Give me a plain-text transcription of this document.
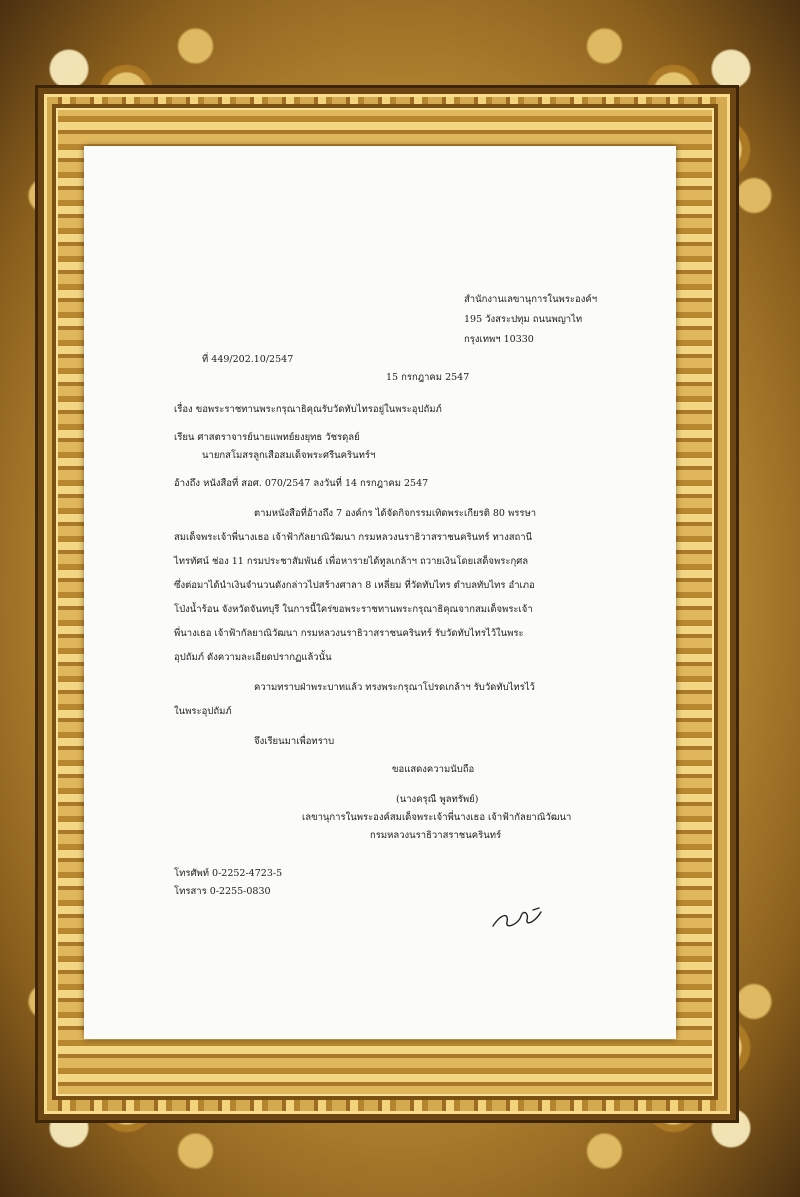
สำนักงานเลขานุการในพระองค์ฯ
195 วังสระปทุม ถนนพญาไท
กรุงเทพฯ 10330
ที่ 449/202.10/2547
15 กรกฎาคม 2547
เรื่อง ขอพระราชทานพระกรุณาธิคุณรับวัดทับไทรอยู่ในพระอุปถัมภ์
เรียน ศาสตราจารย์นายแพทย์ยงยุทธ วัชรดุลย์
นายกสโมสรลูกเสือสมเด็จพระศรีนครินทร์ฯ
อ้างถึง หนังสือที่ สอศ. 070/2547 ลงวันที่ 14 กรกฎาคม 2547
ตามหนังสือที่อ้างถึง 7 องค์กร ได้จัดกิจกรรมเทิดพระเกียรติ 80 พรรษา
สมเด็จพระเจ้าพี่นางเธอ เจ้าฟ้ากัลยาณิวัฒนา กรมหลวงนราธิวาสราชนครินทร์ ทางสถานี
ไทรทัศน์ ช่อง 11 กรมประชาสัมพันธ์ เพื่อหารายได้ทูลเกล้าฯ ถวายเงินโดยเสด็จพระกุศล
ซึ่งต่อมาได้นำเงินจำนวนดังกล่าวไปสร้างศาลา 8 เหลี่ยม ที่วัดทับไทร ตำบลทับไทร อำเภอ
โป่งน้ำร้อน จังหวัดจันทบุรี ในการนี้ใคร่ขอพระราชทานพระกรุณาธิคุณจากสมเด็จพระเจ้า
พี่นางเธอ เจ้าฟ้ากัลยาณิวัฒนา กรมหลวงนราธิวาสราชนครินทร์ รับวัดทับไทรไว้ในพระ
อุปถัมภ์ ดังความละเอียดปรากฏแล้วนั้น
ความทราบฝ่าพระบาทแล้ว ทรงพระกรุณาโปรดเกล้าฯ รับวัดทับไทรไว้
ในพระอุปถัมภ์
จึงเรียนมาเพื่อทราบ
ขอแสดงความนับถือ
(นางครุณี พูลทรัพย์)
เลขานุการในพระองค์สมเด็จพระเจ้าพี่นางเธอ เจ้าฟ้ากัลยาณิวัฒนา
กรมหลวงนราธิวาสราชนครินทร์
โทรศัพท์ 0-2252-4723-5
โทรสาร 0-2255-0830
